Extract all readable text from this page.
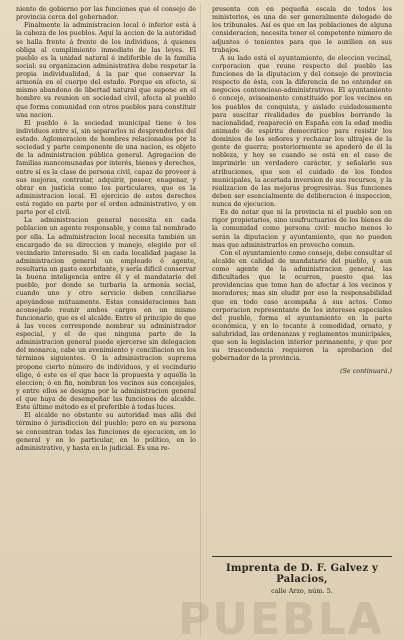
niento de gobierno por las funciones que el consejo de provincia cerca del gobernador.

Finalmente la administracion local ó inferior está á la cabeza de los pueblos. Aquí la accion de la autoridad se halla frente á frente de los individuos, á quienes obliga al cumplimiento inmediato de las leyes. El pueblo es la unidad natural é indiferible de la familia social: su organizacion administrativa debe respetar la propia individualidad, á la par que conservar la armonía en el cuerpo del estado. Porque en efecto, si mismo abandono de libertad natural que supone en el hombre su reunion en sociedad civil, afecta al pueblo que forma comunidad con otros pueblos para constituir una nacion.

El pueblo ó la sociedad municipal tiene ó los individuos entre sí, sin separarlos ni desprenderlos del estado. Aglomeracion de hombres relacionados por la sociedad y parte componente de una nacion, es objeto de la administracion pública general. Agregacion de familias mancomunadas por interés, bienes y derechos, entre sí es la clase de persona civil, capaz de proveer á sus mejoras, contratar, adquirir, poseer, enagenar, y obrar en justicia como los particulares, que es la administracion local. El ejercicio de estos derechos está regido en parte por el orden administrativo, y en parte por el civil.

La administracion general necesita en cada poblacion un agente responsable, y como tal nombrado por ella. La administracion local necesita también un encargado de su direccion y manejo, elegido por el vecindario interesado. Si en cada localidad pagase la administracion general un empleado ó agente, resultaria un gasto exorbitante, y sería difícil conservar la buena inteligencia entre él y el mandatario del pueblo, por donde se turbaria la armonía social, cuando uno y otro servicio deben conciliarse apoyándose mútuamente. Estas consideraciones han aconsejado reunir ambos cargos en un mismo funcionario, que es el alcalde. Entre el principio de que á las veces corresponde nombrar su administrador especial, y el de que ninguna parte de la administracion general puede ejercerse sin delegacion del monarca, cabe un avenimiento y conciliacion en los términos siguientes. O la administracion suprema propone cierto número de individuos, y el vecindario elige, ó este es el que hace la propuesta y aquella la eleccion; ó en fin, nombran los vecinos sus concejales, y entre ellos se designa por la administracion general el que haya de desempeñar las funciones de alcalde. Este último método es el preferible á todas luces.

El alcalde no obstante su autoridad mas allá del término ó jurisdiccion del pueblo; pero en su persona se concentran todas las funciones de ejecucion, en lo general y en lo particular, en lo político, en lo administrativo, y hasta en lo judicial. Es una re-

presenta con en pequeña escala de todos los ministerios, es una de ser generalmente delegado de los tribunales. Así es que en las poblaciones de alguna consideracion, necesita tener el competente número de adjuntos ó tenientes para que le auxilien en sus trabajos.

A su lado está el ayuntamiento, de eleccion vecinal, corporacion que reune respecto del pueblo las funciones de la diputacion y del consejo de provincia respecto de ésta, con la diferencia de no entender en negocios contencioso-administrativos. El ayuntamiento ó concejo, avisoamento constituido por los vecinos en los pueblos de conquista, y aislado cuidadosamente para suscitar rivalidades de pueblos borrando la nacionalidad, reapareció en España con la edad media animado de espíritu democrático para resistir los dominios de los señores y rechazar los ultrajes de la gente de guerra; posteriormente se apoderó de él la nobleza, y hoy se cuando se está en el caso de imprimirle un verdadero carácter, y señalarle sus atribuciones, que son el cuidado de los fondos municipales, la acertada inversion de sus recursos, y la realizacion de las mejoras progresivas. Sus funciones deben ser esencialmente de deliberacion é inspeccion, nunca de ejecucion.

Es de notar que ni la provincia ni el pueblo son en rigor propietarios, sino usufructuarios de los bienes de la comunidad como persona civil: mucho menos lo serán la diputacion y ayuntamiento, que no pueden mas que administrarlos en provecho comun.

Con el ayuntamiento como consejo, debe consultar el alcalde en calidad de mandatario del pueblo, y aun como agente de la administracion general, las dificultades que le ocurren, puesto que las providencias que tome han de afectar á los vecinos y moradores; mas sin eludir por eso la responsabilidad que en todo caso acompaña á sus actos. Como corporacion representante de los intereses especiales del pueblo, forma el ayuntamiento en la parte económica, y en lo tocante á comodidad, ornato, y salubridad, las ordenanzas y reglamentos municipales, que son la legislacion interior permanente, y que por su trascendencia requieren la aprobacion del gobernador de la provincia.

(Se continuará.)
Imprenta de D. F. Galvez y Palacios,
calle Arzo, núm. 5.
PUEBLA
